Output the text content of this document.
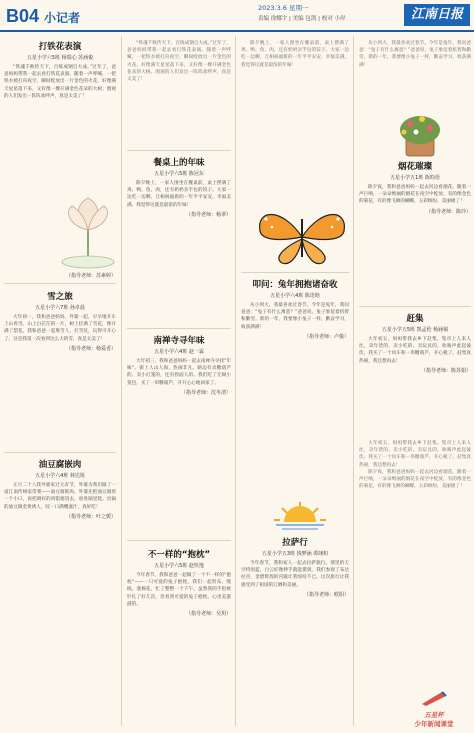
B04 小记者
2023.3.6 星期一
责编 徐娜宇 | 美编 包凯 | 校对 小岸	江南日报
打铁花表演
五星小学六5班 杨瑞心 苏涵俊

“铁魂千秋传天下，百炼成钢自大成。”过年了，爸爸妈妈带我一起去看打铁花表演。随着一声呼喊，一把铁水被打向夜空，瞬间绽放出一片金色的火花，好像满天星星落下来，又好像一棵开满金色花朵的大树。围观的人们发出一阵阵欢呼声，真是太美了！

（指导老师：苏素婷）
雪之旅
五星小学六7班 孙卓晨

大年初一，我和爸爸妈妈、外婆一起，早早地开车上山看雪。山上白茫茫的一片，树上挂满了雪花，像开满了梨花。我和爸爸一起堆雪人、打雪仗，玩得可开心了。这是我第一次看到这么大的雪，真是太美了！

（指导老师：杨爱香）
油豆腐嵌肉
五星小学六4班 林达锐

正月二十八我外婆家过元宵节，外婆为我们做了一道江南传统家常菜——油豆腐嵌肉。外婆先把油豆腐剪一个小口，再把调好的肉馅塞进去，放进锅里烧。出锅的油豆腐金黄诱人，咬一口满嘴流汁，真好吃！

（指导老师：叶之媛）

“铁魂千秋传天下，百炼成钢自大成。”过年了，爸爸妈妈带我一起去看打铁花表演。随着一声呼喊，一把铁水被打向夜空，瞬间绽放出一片金色的火花，好像满天星星落下来，又好像一棵开满金色花朵的大树。围观的人们发出一阵阵欢呼声，真是太美了！

餐桌上的年味
五星小学六5班 陈冠东

除夕晚上，一家人围坐在餐桌前，桌上摆满了鸡、鸭、鱼、肉，还有奶奶亲手包的饺子。大家一边吃一边聊，互相祝福新的一年平平安安，幸福美满。我觉得这就是最浓的年味！

（指导老师：杨翠）
南禅寺寻年味
五星小学六4班 赵一霖

大年初三，我和爸爸妈妈一起去南禅寺寻找“年味”。街上人山人海，热闹非凡。路边有卖糖葫芦的、卖小灯笼的，还有捏面人的。我们吃了无锡小笼包，买了一串糖葫芦，开开心心地回家了。

（指导老师：沈冬清）
不一样的“抱枕”
五星小学六5班 赵恒逸

今年春节，我和爸爸一起做了一个不一样的“抱枕”——一只可爱的兔子抱枕。我们一起剪布、缝线、塞棉花，忙了整整一个下午。虽然我的手指被针扎了好几次，但看到可爱的兔子抱枕，心里美滋滋的。

（指导老师：吴玥）

除夕晚上，一家人围坐在餐桌前，桌上摆满了鸡、鸭、鱼、肉，还有奶奶亲手包的饺子。大家一边吃一边聊，互相祝福新的一年平平安安，幸福美满。我觉得这就是最浓的年味！

叩问：兔年拥抱诸奋收
五星小学六4班 陈语晗

从小到大，我最喜欢过春节。今年是兔年，我问爸爸：“兔子有什么寓意？”爸爸说，兔子象征着机智和勤劳。新的一年，我要像小兔子一样，勤奋学习，收获满满！

（指导老师：卢俊）
拉萨行
五星小学五3班 钱梦涵 谭翊桓

今年春节，我和家人一起去拉萨旅行。那里的天空特别蓝，白云好像伸手就能摸到。我们参观了布达拉宫，金碧辉煌的宫殿让我惊叹不已。这次旅行让我感受到了祖国的辽阔和美丽。

（指导老师：欧阳）

从小到大，我最喜欢过春节。今年是兔年，我问爸爸：“兔子有什么寓意？”爸爸说，兔子象征着机智和勤劳。新的一年，我要像小兔子一样，勤奋学习，收获满满！

烟花璀璨
五星小学五1班 陈昀语

除夕夜，我和爸爸妈妈一起去河边看烟花。随着一声巨响，一朵朵绚丽的烟花在夜空中绽放，有的像金色的菊花，有的像飞舞的蝴蝶，五彩缤纷，美丽极了！

（指导老师：陈玲）
赶集
五星小学五5班 凯孟伦 杨涵锡

大年初五，妈妈带我去乡下赶集。集市上人来人往，卖年货的、卖小吃的、卖玩具的，吆喝声此起彼伏。我买了一个风车和一串糖葫芦，开心极了。赶集真热闹，我还想再去！

（指导老师：陈苏娟）

大年初五，妈妈带我去乡下赶集。集市上人来人往，卖年货的、卖小吃的、卖玩具的，吆喝声此起彼伏。我买了一个风车和一串糖葫芦，开心极了。赶集真热闹，我还想再去！

除夕夜，我和爸爸妈妈一起去河边看烟花。随着一声巨响，一朵朵绚丽的烟花在夜空中绽放，有的像金色的菊花，有的像飞舞的蝴蝶，五彩缤纷，美丽极了！

五星杯
少年新闻课堂
